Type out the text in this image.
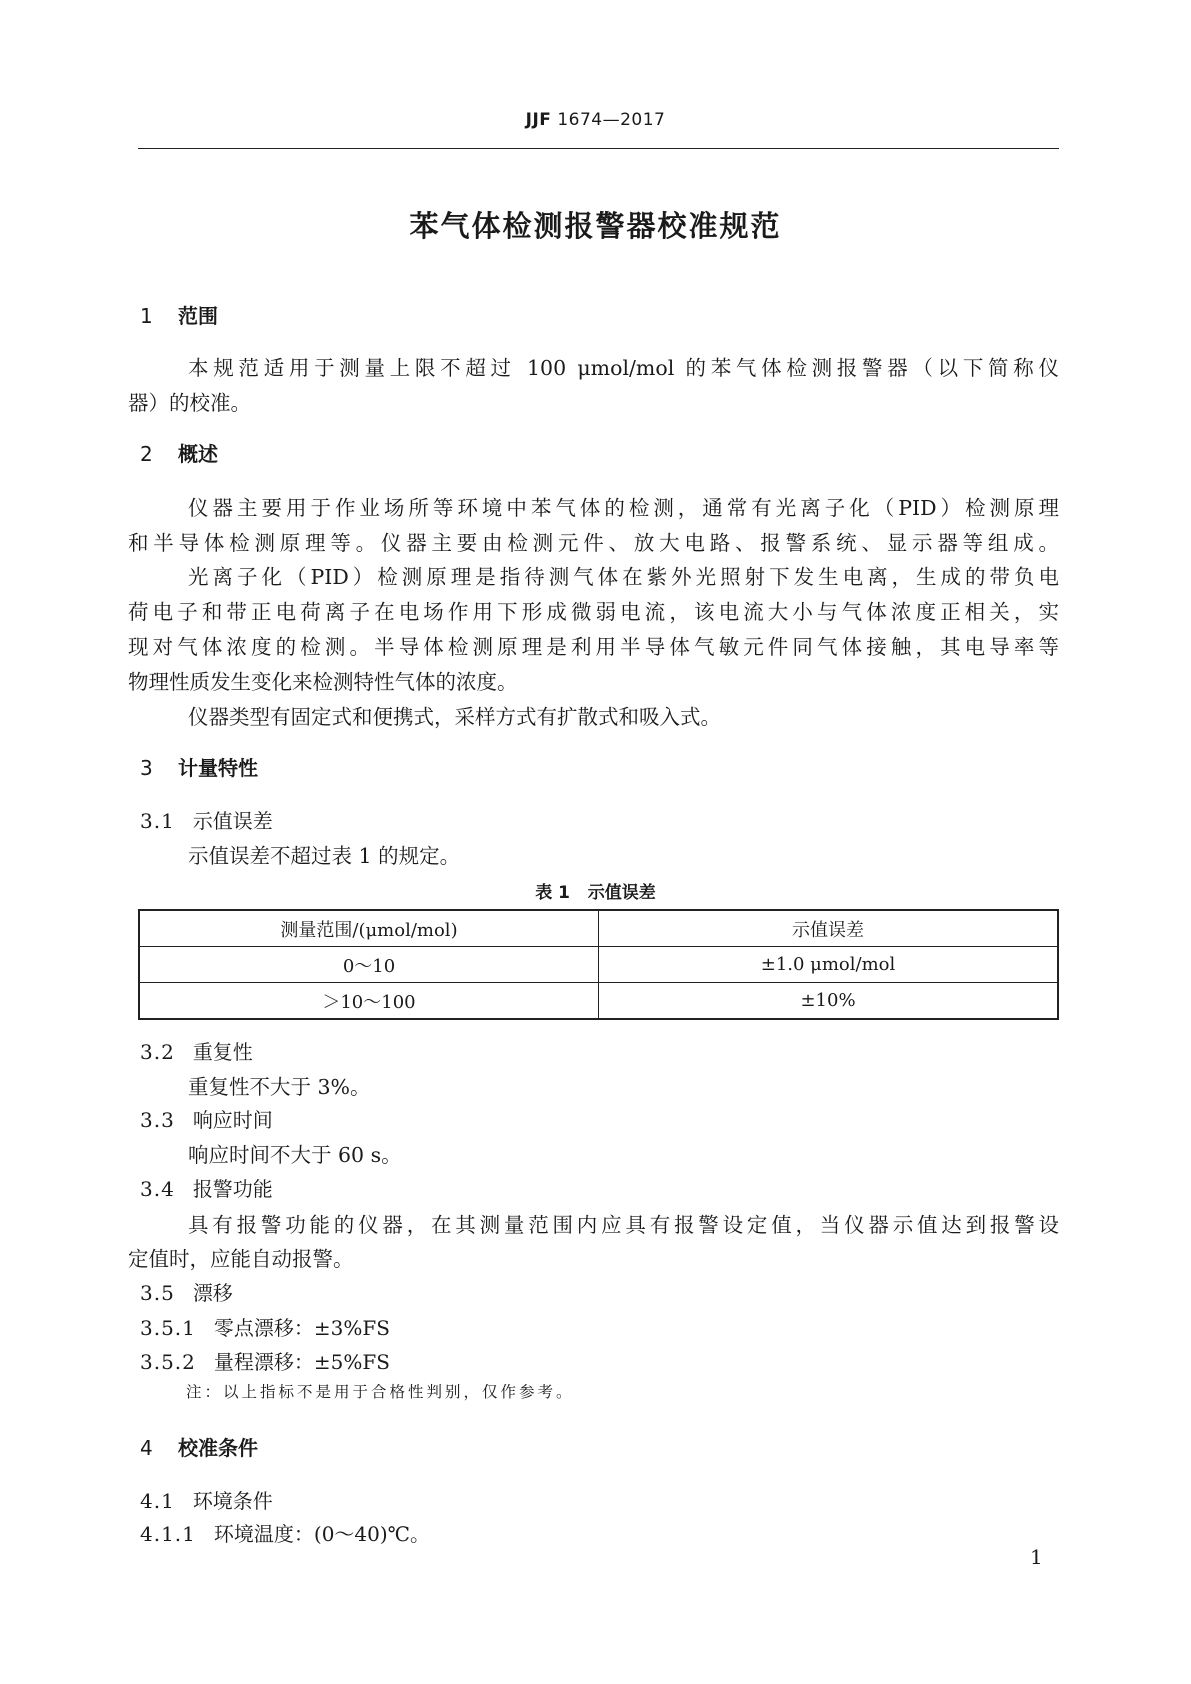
JJF 1674—2017
苯气体检测报警器校准规范
1 范围
本规范适用于测量上限不超过 100 μmol/mol 的苯气体检测报警器（以下简称仪
器）的校准。
2 概述
仪器主要用于作业场所等环境中苯气体的检测，通常有光离子化（PID）检测原理
和半导体检测原理等。仪器主要由检测元件、放大电路、报警系统、显示器等组成。
光离子化（PID）检测原理是指待测气体在紫外光照射下发生电离，生成的带负电
荷电子和带正电荷离子在电场作用下形成微弱电流，该电流大小与气体浓度正相关，实
现对气体浓度的检测。半导体检测原理是利用半导体气敏元件同气体接触，其电导率等
物理性质发生变化来检测特性气体的浓度。
仪器类型有固定式和便携式，采样方式有扩散式和吸入式。
3 计量特性
3.1 示值误差
示值误差不超过表 1 的规定。
表 1 示值误差
测量范围/(μmol/mol)	示值误差
0～10	±1.0 μmol/mol
＞10～100	±10%
3.2 重复性
重复性不大于 3%。
3.3 响应时间
响应时间不大于 60 s。
3.4 报警功能
具有报警功能的仪器，在其测量范围内应具有报警设定值，当仪器示值达到报警设
定值时，应能自动报警。
3.5 漂移
3.5.1 零点漂移：±3%FS
3.5.2 量程漂移：±5%FS
注：以上指标不是用于合格性判别，仅作参考。
4 校准条件
4.1 环境条件
4.1.1 环境温度：(0～40)℃。
1
